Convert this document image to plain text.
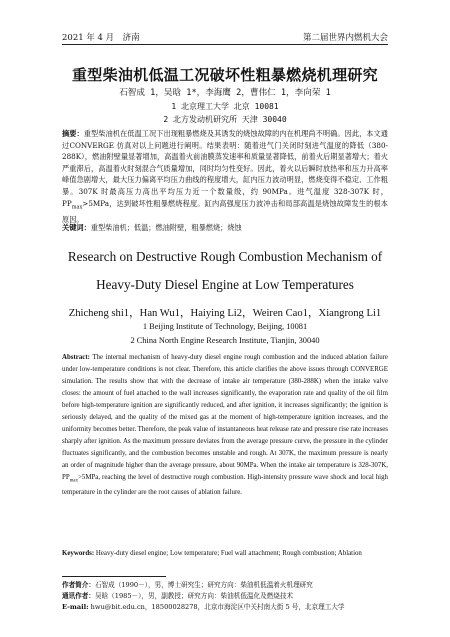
2021 年 4 月　济南	第二届世界内燃机大会
重型柴油机低温工况破坏性粗暴燃烧机理研究
石智成 1，吴晗 1*，李海鹰 2，曹伟仁 1，李向荣 1
1 北京理工大学 北京 10081
2 北方发动机研究所 天津 30040
摘要：重型柴油机在低温工况下出现粗暴燃烧及其诱发的烧蚀故障的内在机理尚不明确。因此，本文通过CONVERGE 仿真对以上问题进行阐明。结果表明：随着进气门关闭时刻进气温度的降低（380-288K），燃油附壁量显著增加，高温着火前油膜蒸发速率和质量显著降低，前着火后期显著增大；着火严重滞后，高温着火时刻混合气质量增加，同时均匀性变好。因此，着火以后瞬时放热率和压力升高率峰值急剧增大，最大压力偏离平均压力曲线的程度增大，缸内压力波动明显，燃烧变得不稳定、工作粗暴。307K 时最高压力高出平均压力近一个数量级，约 90MPa。进气温度 328-307K 时，$PP_{max}>5MPa$，达到破坏性粗暴燃烧程度。缸内高强度压力波冲击和局部高温是烧蚀故障发生的根本原因。
关键词：重型柴油机；低温；燃油附壁，粗暴燃烧；烧蚀
Research on Destructive Rough Combustion Mechanism of Heavy-Duty Diesel Engine at Low Temperatures
Zhicheng shi1，Han Wu1，Haiying Li2，Weiren Cao1，Xiangrong Li1
1 Beijing Institute of Technology, Beijing, 10081
2 China North Engine Research Institute, Tianjin, 30040
Abstract: The internal mechanism of heavy-duty diesel engine rough combustion and the induced ablation failure under low-temperature conditions is not clear. Therefore, this article clarifies the above issues through CONVERGE simulation. The results show that with the decrease of intake air temperature (380-288K) when the intake valve closes: the amount of fuel attached to the wall increases significantly, the evaporation rate and quality of the oil film before high-temperature ignition are significantly reduced, and after ignition, it increases significantly; the ignition is seriously delayed, and the quality of the mixed gas at the moment of high-temperature ignition increases, and the uniformity becomes better. Therefore, the peak value of instantaneous heat release rate and pressure rise rate increases sharply after ignition. As the maximum pressure deviates from the average pressure curve, the pressure in the cylinder fluctuates significantly, and the combustion becomes unstable and rough. At 307K, the maximum pressure is nearly an order of magnitude higher than the average pressure, about 90MPa. When the intake air temperature is 328-307K, $PP_{max}>5MPa$, reaching the level of destructive rough combustion. High-intensity pressure wave shock and local high temperature in the cylinder are the root causes of ablation failure.
Keywords: Heavy-duty diesel engine; Low temperature; Fuel wall attachment; Rough combustion; Ablation
作者简介：石智成（1990－），男，博士研究生；研究方向：柴油机低温着火机理研究
通讯作者：吴晗（1985－），男，副教授；研究方向：柴油机低温化及燃烧技术
E-mail: hwu@bit.edu.cn，18500028278，北京市海淀区中关村南大街 5 号，北京理工大学
